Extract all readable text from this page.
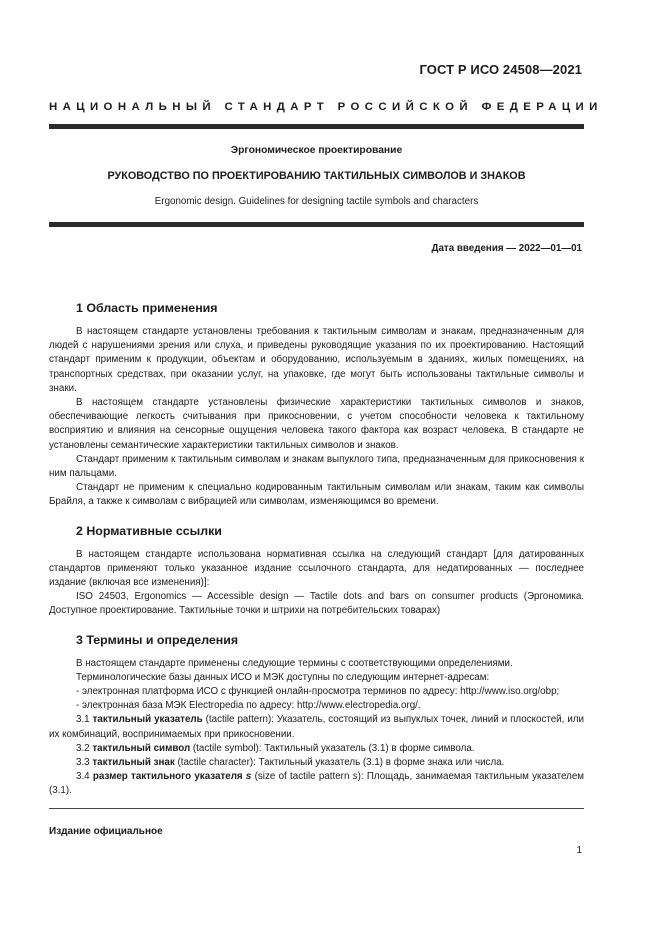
ГОСТ Р ИСО 24508—2021
НАЦИОНАЛЬНЫЙ СТАНДАРТ РОССИЙСКОЙ ФЕДЕРАЦИИ
Эргономическое проектирование
РУКОВОДСТВО ПО ПРОЕКТИРОВАНИЮ ТАКТИЛЬНЫХ СИМВОЛОВ И ЗНАКОВ
Ergonomic design. Guidelines for designing tactile symbols and characters
Дата введения — 2022—01—01
1 Область применения

В настоящем стандарте установлены требования к тактильным символам и знакам, предназначенным для людей с нарушениями зрения или слуха, и приведены руководящие указания по их проектированию. Настоящий стандарт применим к продукции, объектам и оборудованию, используемым в зданиях, жилых помещениях, на транспортных средствах, при оказании услуг, на упаковке, где могут быть использованы тактильные символы и знаки.

В настоящем стандарте установлены физические характеристики тактильных символов и знаков, обеспечивающие легкость считывания при прикосновении, с учетом способности человека к тактильному восприятию и влияния на сенсорные ощущения человека такого фактора как возраст человека. В стандарте не установлены семантические характеристики тактильных символов и знаков.

Стандарт применим к тактильным символам и знакам выпуклого типа, предназначенным для прикосновения к ним пальцами.

Стандарт не применим к специально кодированным тактильным символам или знакам, таким как символы Брайля, а также к символам с вибрацией или символам, изменяющимся во времени.

2 Нормативные ссылки

В настоящем стандарте использована нормативная ссылка на следующий стандарт [для датированных стандартов применяют только указанное издание ссылочного стандарта, для недатированных — последнее издание (включая все изменения)]:

ISO 24503, Ergonomics — Accessible design — Tactile dots and bars on consumer products (Эргономика. Доступное проектирование. Тактильные точки и штрихи на потребительских товарах)

3 Термины и определения

В настоящем стандарте применены следующие термины с соответствующими определениями.

Терминологические базы данных ИСО и МЭК доступны по следующим интернет-адресам:

- электронная платформа ИСО с функцией онлайн-просмотра терминов по адресу: http://www.iso.org/obp;

- электронная база МЭК Electropedia по адресу: http://www.electropedia.org/.

3.1 тактильный указатель (tactile pattern): Указатель, состоящий из выпуклых точек, линий и плоскостей, или их комбинаций, воспринимаемых при прикосновении.

3.2 тактильный символ (tactile symbol): Тактильный указатель (3.1) в форме символа.

3.3 тактильный знак (tactile character): Тактильный указатель (3.1) в форме знака или числа.

3.4 размер тактильного указателя s (size of tactile pattern s): Площадь, занимаемая тактильным указателем (3.1).

Издание официальное
1
